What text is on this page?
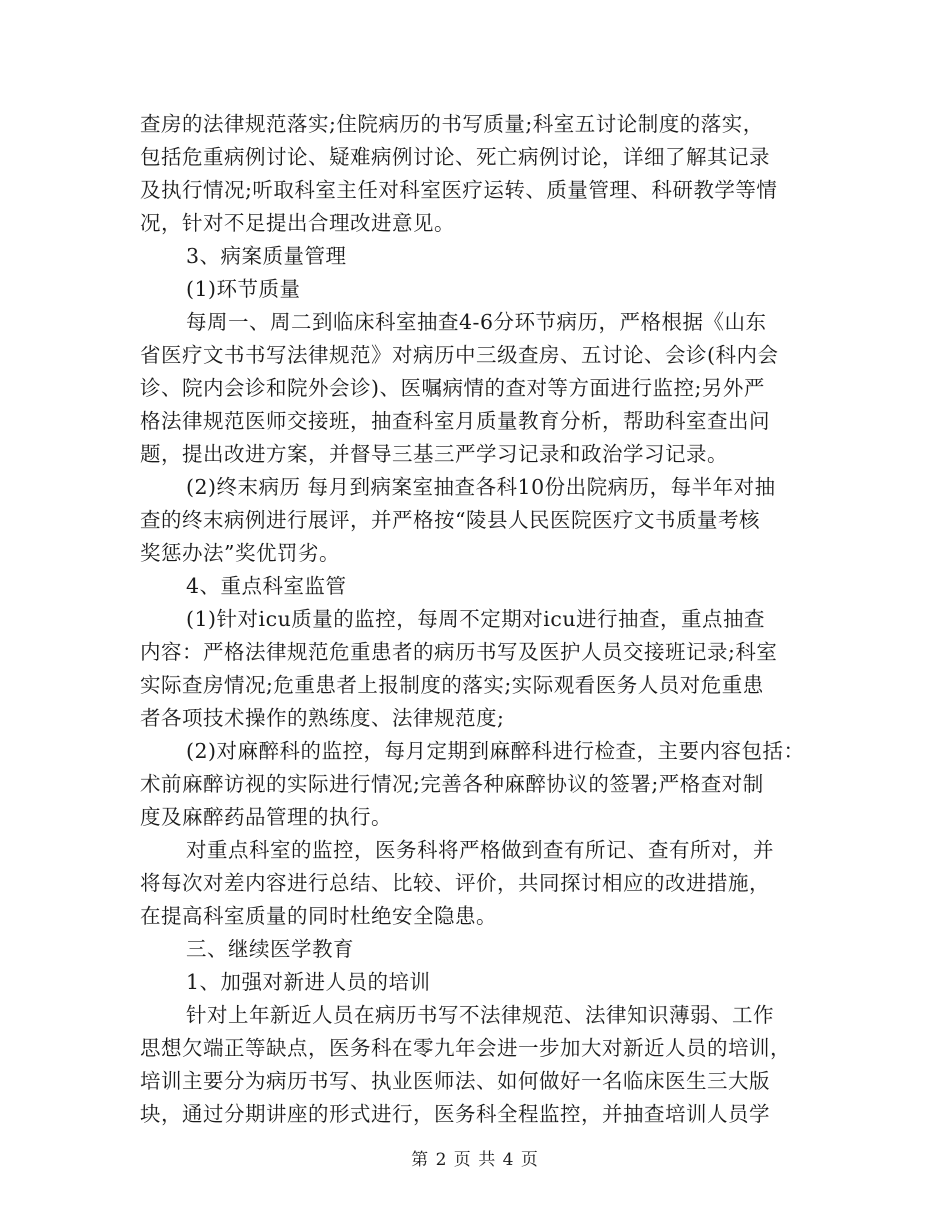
查房的法律规范落实;住院病历的书写质量;科室五讨论制度的落实，
包括危重病例讨论、疑难病例讨论、死亡病例讨论，详细了解其记录
及执行情况;听取科室主任对科室医疗运转、质量管理、科研教学等情
况，针对不足提出合理改进意见。
3、病案质量管理
(1)环节质量
每周一、周二到临床科室抽查4-6分环节病历，严格根据《山东
省医疗文书书写法律规范》对病历中三级查房、五讨论、会诊(科内会
诊、院内会诊和院外会诊)、医嘱病情的查对等方面进行监控;另外严
格法律规范医师交接班，抽查科室月质量教育分析，帮助科室查出问
题，提出改进方案，并督导三基三严学习记录和政治学习记录。
(2)终末病历 每月到病案室抽查各科10份出院病历，每半年对抽
查的终末病例进行展评，并严格按“陵县人民医院医疗文书质量考核
奖惩办法”奖优罚劣。
4、重点科室监管
(1)针对icu质量的监控，每周不定期对icu进行抽查，重点抽查
内容：严格法律规范危重患者的病历书写及医护人员交接班记录;科室
实际查房情况;危重患者上报制度的落实;实际观看医务人员对危重患
者各项技术操作的熟练度、法律规范度;
(2)对麻醉科的监控，每月定期到麻醉科进行检查，主要内容包括：
术前麻醉访视的实际进行情况;完善各种麻醉协议的签署;严格查对制
度及麻醉药品管理的执行。
对重点科室的监控，医务科将严格做到查有所记、查有所对，并
将每次对差内容进行总结、比较、评价，共同探讨相应的改进措施，
在提高科室质量的同时杜绝安全隐患。
三、继续医学教育
1、加强对新进人员的培训
针对上年新近人员在病历书写不法律规范、法律知识薄弱、工作
思想欠端正等缺点，医务科在零九年会进一步加大对新近人员的培训，
培训主要分为病历书写、执业医师法、如何做好一名临床医生三大版
块，通过分期讲座的形式进行，医务科全程监控，并抽查培训人员学
第 2 页 共 4 页
